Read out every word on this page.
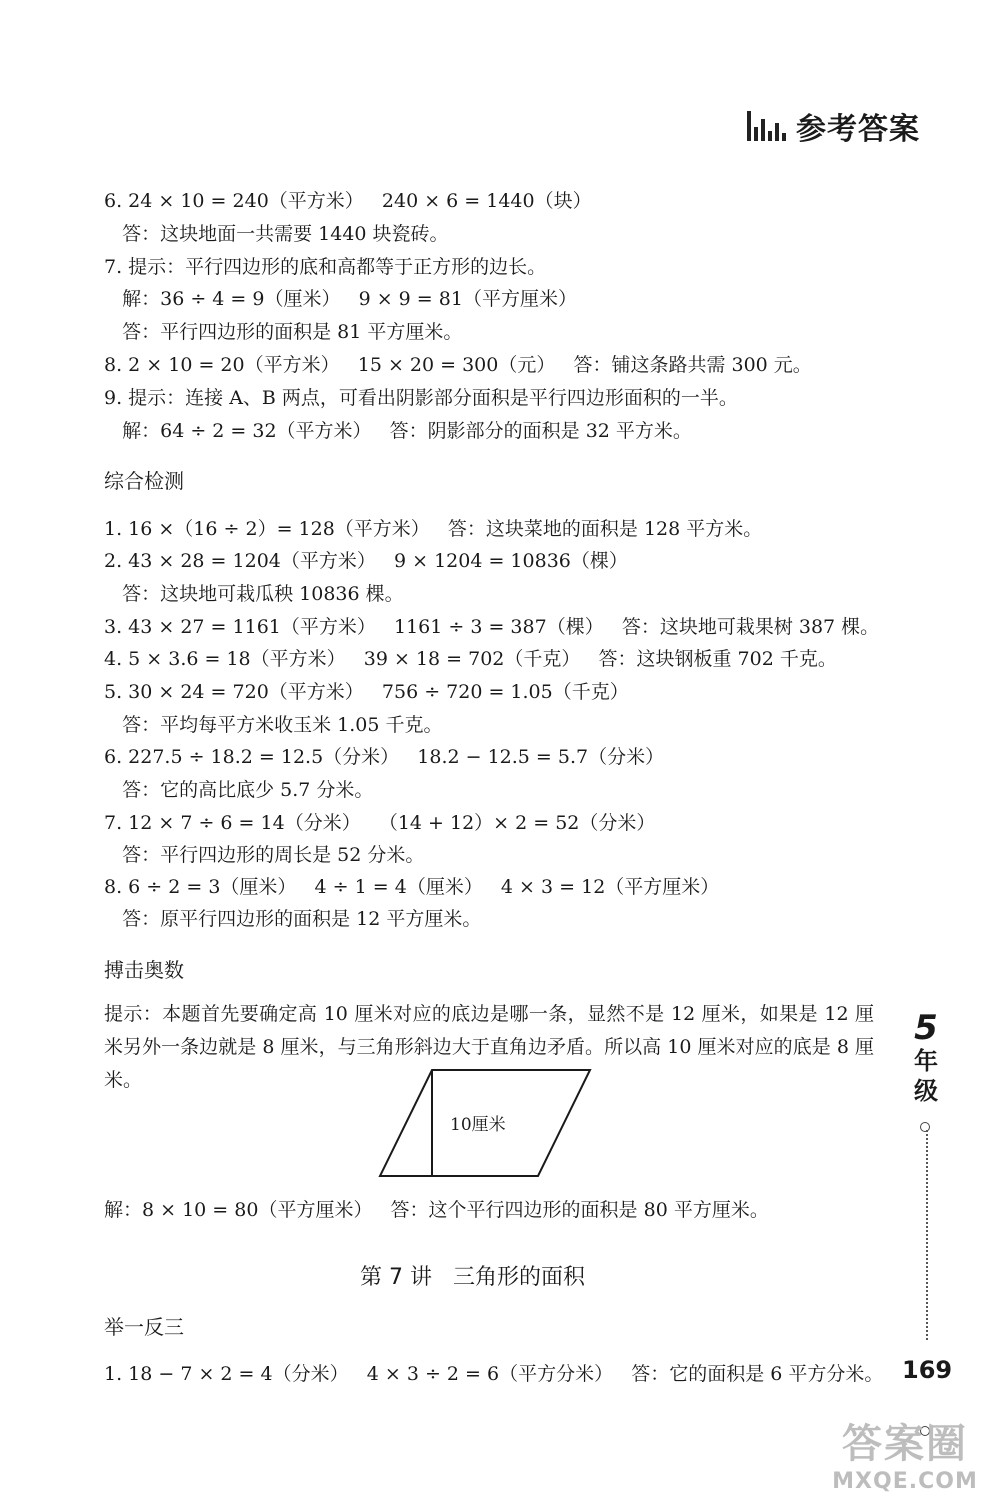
参考答案
6. 24 × 10 = 240（平方米）   240 × 6 = 1440（块）
答：这块地面一共需要 1440 块瓷砖。
7. 提示：平行四边形的底和高都等于正方形的边长。
解：36 ÷ 4 = 9（厘米）   9 × 9 = 81（平方厘米）
答：平行四边形的面积是 81 平方厘米。
8. 2 × 10 = 20（平方米）   15 × 20 = 300（元）   答：铺这条路共需 300 元。
9. 提示：连接 A、B 两点，可看出阴影部分面积是平行四边形面积的一半。
解：64 ÷ 2 = 32（平方米）   答：阴影部分的面积是 32 平方米。
综合检测
1. 16 ×（16 ÷ 2）= 128（平方米）   答：这块菜地的面积是 128 平方米。
2. 43 × 28 = 1204（平方米）   9 × 1204 = 10836（棵）
答：这块地可栽瓜秧 10836 棵。
3. 43 × 27 = 1161（平方米）   1161 ÷ 3 = 387（棵）   答：这块地可栽果树 387 棵。
4. 5 × 3.6 = 18（平方米）   39 × 18 = 702（千克）   答：这块钢板重 702 千克。
5. 30 × 24 = 720（平方米）   756 ÷ 720 = 1.05（千克）
答：平均每平方米收玉米 1.05 千克。
6. 227.5 ÷ 18.2 = 12.5（分米）   18.2 − 12.5 = 5.7（分米）
答：它的高比底少 5.7 分米。
7. 12 × 7 ÷ 6 = 14（分米）   （14 + 12）× 2 = 52（分米）
答：平行四边形的周长是 52 分米。
8. 6 ÷ 2 = 3（厘米）   4 ÷ 1 = 4（厘米）   4 × 3 = 12（平方厘米）
答：原平行四边形的面积是 12 平方厘米。
搏击奥数
提示：本题首先要确定高 10 厘米对应的底边是哪一条，显然不是 12 厘米，如果是 12 厘米另外一条边就是 8 厘米，与三角形斜边大于直角边矛盾。所以高 10 厘米对应的底是 8 厘米。
10厘米
解：8 × 10 = 80（平方厘米）   答：这个平行四边形的面积是 80 平方厘米。
第 7 讲   三角形的面积
举一反三
1. 18 − 7 × 2 = 4（分米）   4 × 3 ÷ 2 = 6（平方分米）   答：它的面积是 6 平方分米。
5
年
级
169
答案圈
MXQE.COM
